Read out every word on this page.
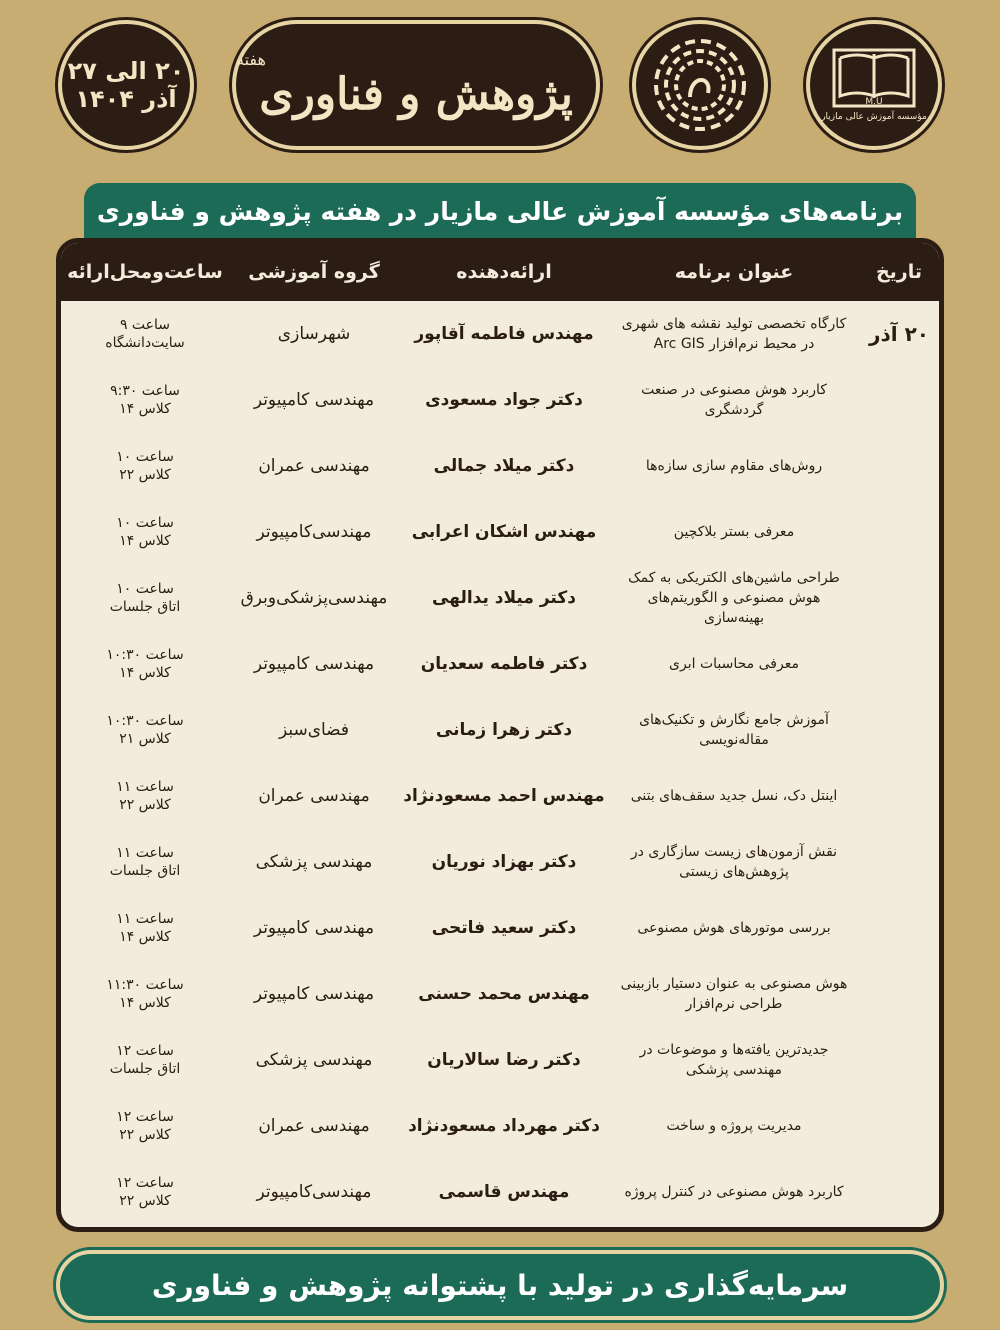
۲۰ الی ۲۷
آذر ۱۴۰۴
هفته
پژوهش و فناوری	M.U
مؤسسه آموزش عالی مازیار
برنامه‌های مؤسسه آموزش عالی مازیار در هفته پژوهش و فناوری
تاریخ
عنوان برنامه
ارائه‌دهنده
گروه آموزشی
ساعت‌ومحل‌ارائه
۲۰ آذر
کارگاه تخصصی تولید نقشه های شهری در محیط نرم‌افزار Arc GIS
مهندس فاطمه آقاپور
شهرسازی
ساعت ۹
سایت‌دانشگاه
کاربرد هوش مصنوعی در صنعت گردشگری
دکتر جواد مسعودی
مهندسی کامپیوتر
ساعت ۹:۳۰
کلاس ۱۴
روش‌های مقاوم سازی سازه‌ها
دکتر میلاد جمالی
مهندسی عمران
ساعت ۱۰
کلاس ۲۲
معرفی بستر بلاکچین
مهندس اشکان اعرابی
مهندسی‌کامپیوتر
ساعت ۱۰
کلاس ۱۴
طراحی ماشین‌های الکتریکی به کمک هوش مصنوعی و الگوریتم‌های بهینه‌سازی
دکتر میلاد یدالهی
مهندسی‌پزشکی‌وبرق
ساعت ۱۰
اتاق جلسات
معرفی محاسبات ابری
دکتر فاطمه سعدیان
مهندسی کامپیوتر
ساعت ۱۰:۳۰
کلاس ۱۴
آموزش جامع نگارش و تکنیک‌های مقاله‌نویسی
دکتر زهرا زمانی
فضای‌سبز
ساعت ۱۰:۳۰
کلاس ۲۱
اینتل دک، نسل جدید سقف‌های بتنی
مهندس احمد مسعودنژاد
مهندسی عمران
ساعت ۱۱
کلاس ۲۲
نقش آزمون‌های زیست سازگاری در پژوهش‌های زیستی
دکتر بهزاد نوریان
مهندسی پزشکی
ساعت ۱۱
اتاق جلسات
بررسی موتورهای هوش مصنوعی
دکتر سعید فاتحی
مهندسی کامپیوتر
ساعت ۱۱
کلاس ۱۴
هوش مصنوعی به عنوان دستیار بازبینی طراحی نرم‌افزار
مهندس محمد حسنی
مهندسی کامپیوتر
ساعت ۱۱:۳۰
کلاس ۱۴
جدیدترین یافته‌ها و موضوعات در مهندسی پزشکی
دکتر رضا سالاریان
مهندسی پزشکی
ساعت ۱۲
اتاق جلسات
مدیریت پروژه و ساخت
دکتر مهرداد مسعودنژاد
مهندسی عمران
ساعت ۱۲
کلاس ۲۲
کاربرد هوش مصنوعی در کنترل پروژه
مهندس قاسمی
مهندسی‌کامپیوتر
ساعت ۱۲
کلاس ۲۲
سرمایه‌گذاری در تولید با پشتوانه پژوهش و فناوری
